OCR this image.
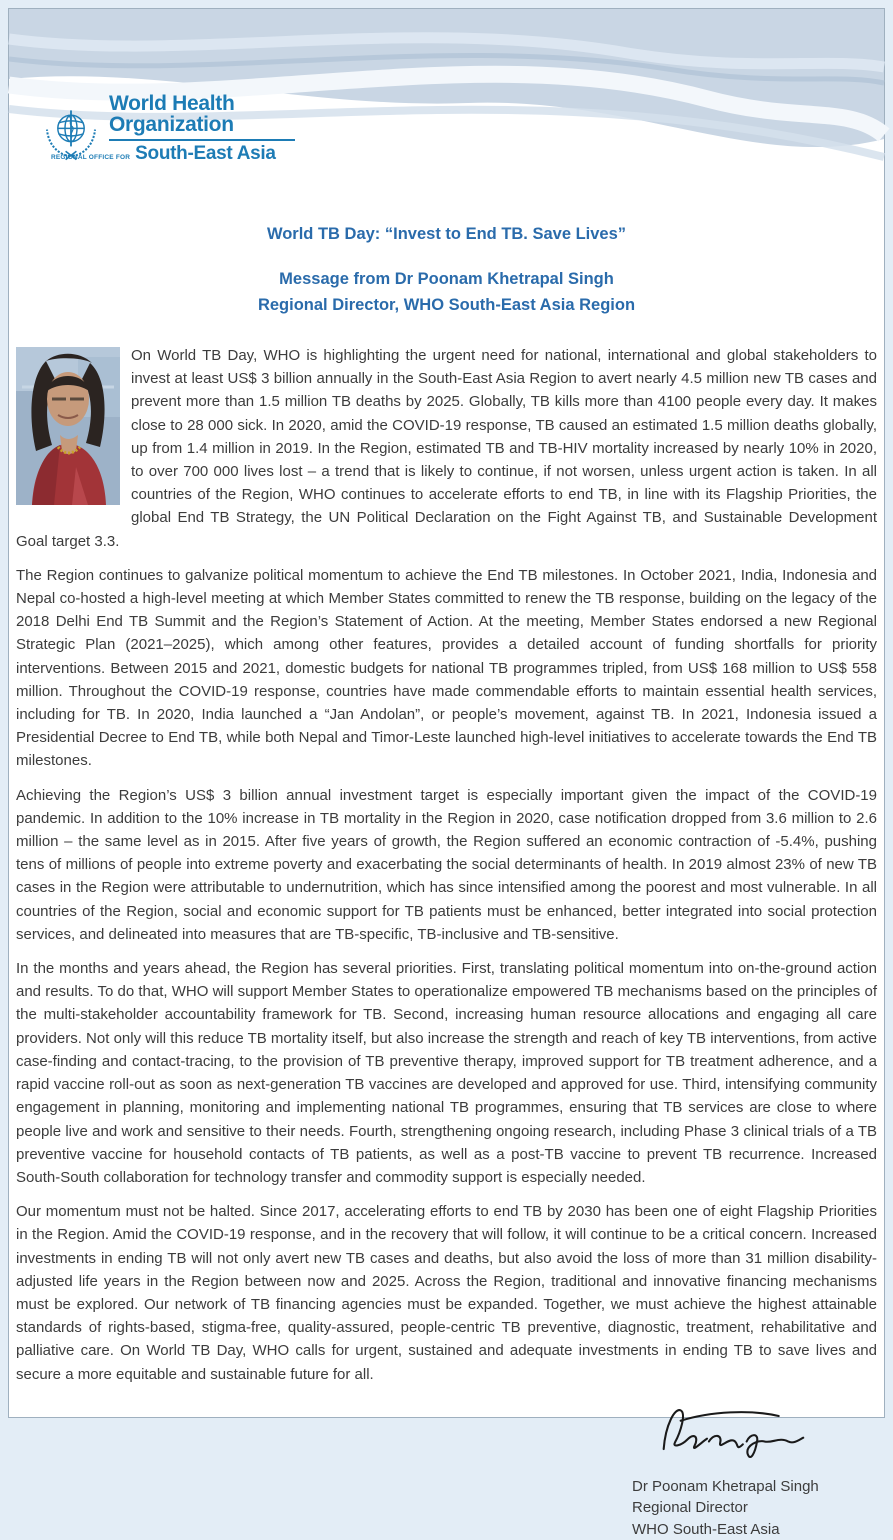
World Health
Organization
REGIONAL OFFICE FOR South-East Asia
World TB Day: “Invest to End TB. Save Lives”
Message from Dr Poonam Khetrapal Singh
Regional Director, WHO South-East Asia Region

On World TB Day, WHO is highlighting the urgent need for national, international and global stakeholders to invest at least US$ 3 billion annually in the South-East Asia Region to avert nearly 4.5 million new TB cases and prevent more than 1.5 million TB deaths by 2025. Globally, TB kills more than 4100 people every day. It makes close to 28 000 sick. In 2020, amid the COVID-19 response, TB caused an estimated 1.5 million deaths globally, up from 1.4 million in 2019. In the Region, estimated TB and TB-HIV mortality increased by nearly 10% in 2020, to over 700 000 lives lost – a trend that is likely to continue, if not worsen, unless urgent action is taken. In all countries of the Region, WHO continues to accelerate efforts to end TB, in line with its Flagship Priorities, the global End TB Strategy, the UN Political Declaration on the Fight Against TB, and Sustainable Development Goal target 3.3.

The Region continues to galvanize political momentum to achieve the End TB milestones. In October 2021, India, Indonesia and Nepal co-hosted a high-level meeting at which Member States committed to renew the TB response, building on the legacy of the 2018 Delhi End TB Summit and the Region’s Statement of Action. At the meeting, Member States endorsed a new Regional Strategic Plan (2021–2025), which among other features, provides a detailed account of funding shortfalls for priority interventions. Between 2015 and 2021, domestic budgets for national TB programmes tripled, from US$ 168 million to US$ 558 million. Throughout the COVID-19 response, countries have made commendable efforts to maintain essential health services, including for TB. In 2020, India launched a “Jan Andolan”, or people’s movement, against TB. In 2021, Indonesia issued a Presidential Decree to End TB, while both Nepal and Timor-Leste launched high-level initiatives to accelerate towards the End TB milestones.

Achieving the Region’s US$ 3 billion annual investment target is especially important given the impact of the COVID-19 pandemic. In addition to the 10% increase in TB mortality in the Region in 2020, case notification dropped from 3.6 million to 2.6 million – the same level as in 2015. After five years of growth, the Region suffered an economic contraction of -5.4%, pushing tens of millions of people into extreme poverty and exacerbating the social determinants of health. In 2019 almost 23% of new TB cases in the Region were attributable to undernutrition, which has since intensified among the poorest and most vulnerable. In all countries of the Region, social and economic support for TB patients must be enhanced, better integrated into social protection services, and delineated into measures that are TB-specific, TB-inclusive and TB-sensitive.

In the months and years ahead, the Region has several priorities. First, translating political momentum into on-the-ground action and results. To do that, WHO will support Member States to operationalize empowered TB mechanisms based on the principles of the multi-stakeholder accountability framework for TB. Second, increasing human resource allocations and engaging all care providers. Not only will this reduce TB mortality itself, but also increase the strength and reach of key TB interventions, from active case-finding and contact-tracing, to the provision of TB preventive therapy, improved support for TB treatment adherence, and a rapid vaccine roll-out as soon as next-generation TB vaccines are developed and approved for use. Third, intensifying community engagement in planning, monitoring and implementing national TB programmes, ensuring that TB services are close to where people live and work and sensitive to their needs. Fourth, strengthening ongoing research, including Phase 3 clinical trials of a TB preventive vaccine for household contacts of TB patients, as well as a post-TB vaccine to prevent TB recurrence. Increased South-South collaboration for technology transfer and commodity support is especially needed.

Our momentum must not be halted. Since 2017, accelerating efforts to end TB by 2030 has been one of eight Flagship Priorities in the Region. Amid the COVID-19 response, and in the recovery that will follow, it will continue to be a critical concern. Increased investments in ending TB will not only avert new TB cases and deaths, but also avoid the loss of more than 31 million disability-adjusted life years in the Region between now and 2025. Across the Region, traditional and innovative financing mechanisms must be explored. Our network of TB financing agencies must be expanded. Together, we must achieve the highest attainable standards of rights-based, stigma-free, quality-assured, people-centric TB preventive, diagnostic, treatment, rehabilitative and palliative care. On World TB Day, WHO calls for urgent, sustained and adequate investments in ending TB to save lives and secure a more equitable and sustainable future for all.

Dr Poonam Khetrapal Singh
Regional Director
WHO South-East Asia
